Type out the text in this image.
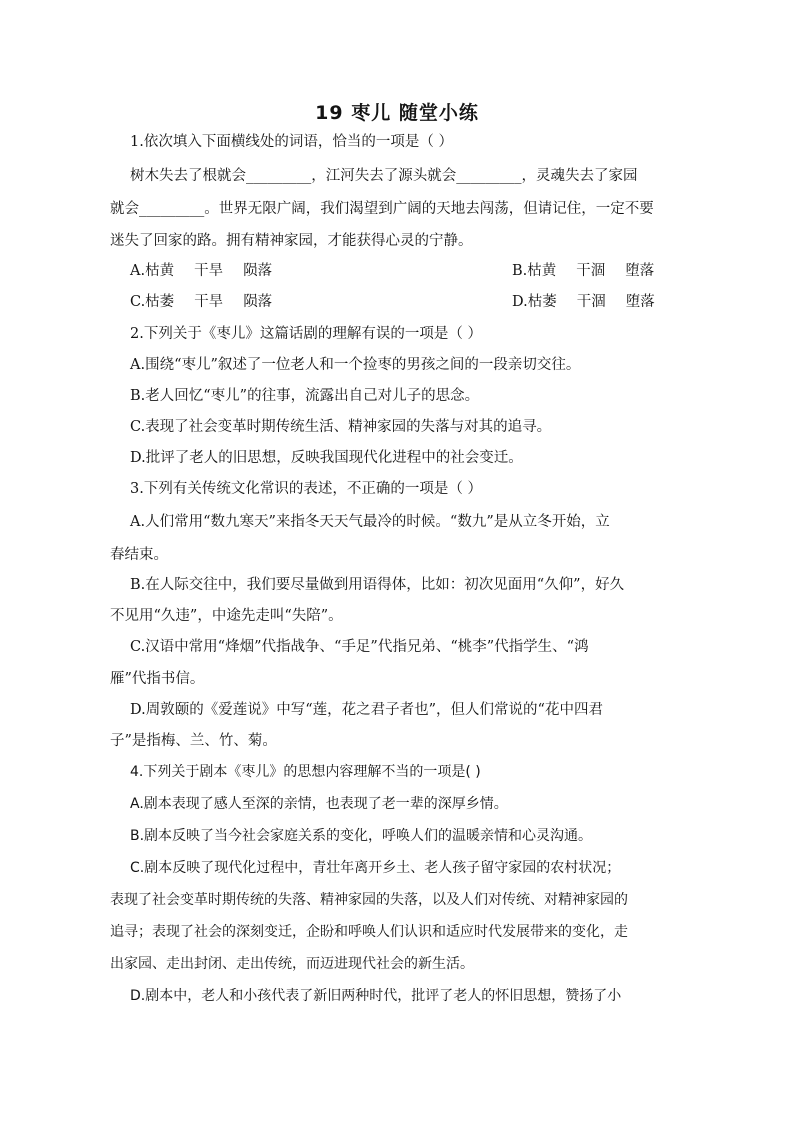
19 枣儿 随堂小练
1.依次填入下面横线处的词语，恰当的一项是（ ）
树木失去了根就会_________，江河失去了源头就会_________，灵魂失去了家园
就会_________。世界无限广阔，我们渴望到广阔的天地去闯荡，但请记住，一定不要
迷失了回家的路。拥有精神家园，才能获得心灵的宁静。
A.枯黄 干旱 陨落	B.枯黄 干涸 堕落
C.枯萎 干旱 陨落	D.枯萎 干涸 堕落
2.下列关于《枣儿》这篇话剧的理解有误的一项是（ ）
A.围绕“枣儿”叙述了一位老人和一个捡枣的男孩之间的一段亲切交往。
B.老人回忆“枣儿”的往事，流露出自己对儿子的思念。
C.表现了社会变革时期传统生活、精神家园的失落与对其的追寻。
D.批评了老人的旧思想，反映我国现代化进程中的社会变迁。
3.下列有关传统文化常识的表述，不正确的一项是（ ）
A.人们常用“数九寒天”来指冬天天气最冷的时候。“数九”是从立冬开始，立
春结束。
B.在人际交往中，我们要尽量做到用语得体，比如：初次见面用“久仰”，好久
不见用“久违”，中途先走叫“失陪”。
C.汉语中常用“烽烟”代指战争、“手足”代指兄弟、“桃李”代指学生、“鸿
雁”代指书信。
D.周敦颐的《爱莲说》中写“莲，花之君子者也”，但人们常说的“花中四君
子”是指梅、兰、竹、菊。
4.下列关于剧本《枣儿》的思想内容理解不当的一项是( )
A.剧本表现了感人至深的亲情，也表现了老一辈的深厚乡情。
B.剧本反映了当今社会家庭关系的变化，呼唤人们的温暖亲情和心灵沟通。
C.剧本反映了现代化过程中，青壮年离开乡土、老人孩子留守家园的农村状况；
表现了社会变革时期传统的失落、精神家园的失落，以及人们对传统、对精神家园的
追寻；表现了社会的深刻变迁，企盼和呼唤人们认识和适应时代发展带来的变化，走
出家园、走出封闭、走出传统，而迈进现代社会的新生活。
D.剧本中，老人和小孩代表了新旧两种时代，批评了老人的怀旧思想，赞扬了小
